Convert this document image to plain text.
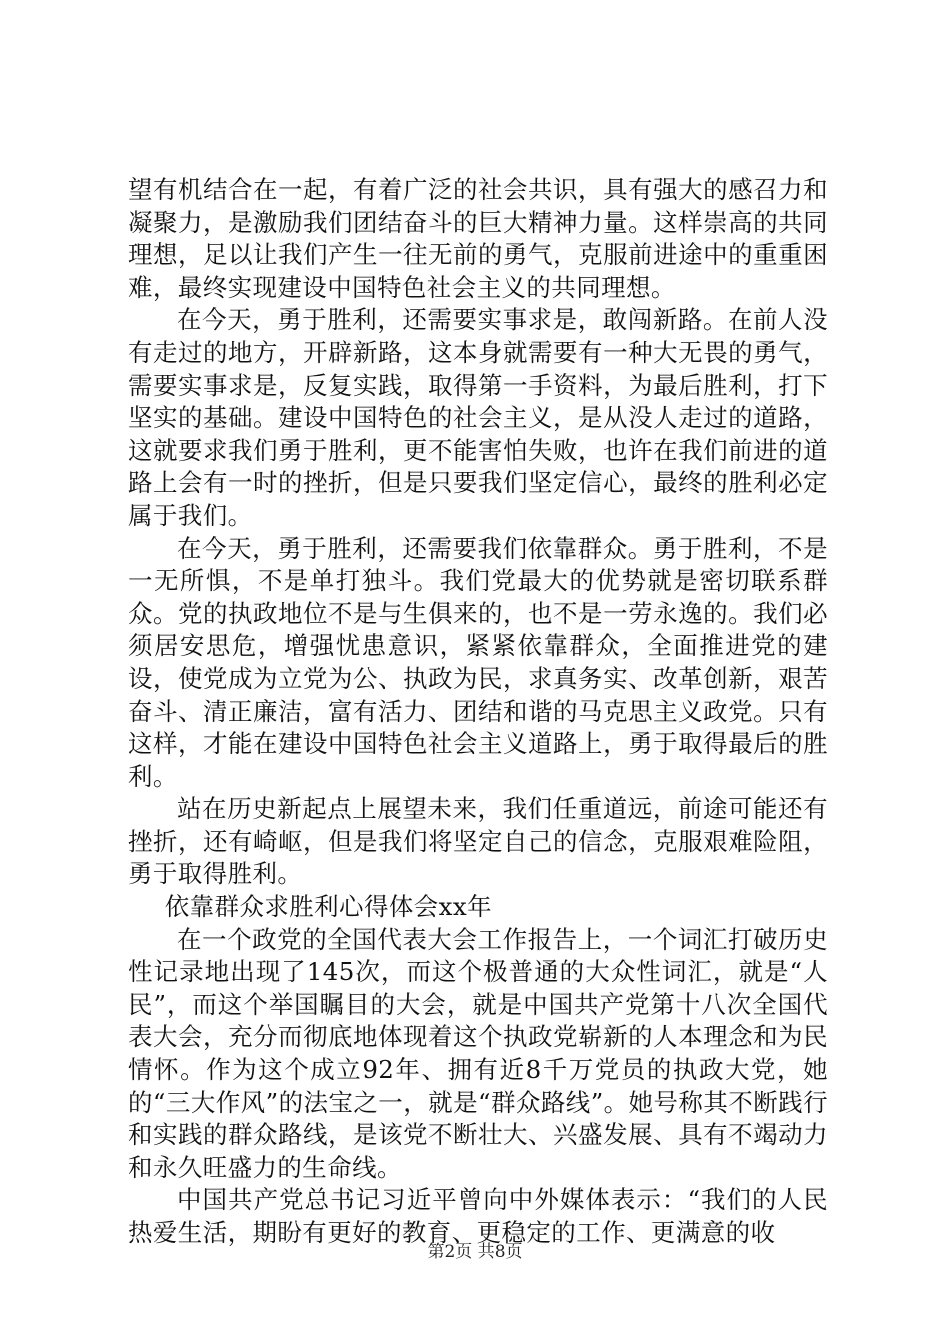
望有机结合在一起，有着广泛的社会共识，具有强大的感召力和凝聚力，是激励我们团结奋斗的巨大精神力量。这样崇高的共同理想，足以让我们产生一往无前的勇气，克服前进途中的重重困难，最终实现建设中国特色社会主义的共同理想。

在今天，勇于胜利，还需要实事求是，敢闯新路。在前人没有走过的地方，开辟新路，这本身就需要有一种大无畏的勇气，需要实事求是，反复实践，取得第一手资料，为最后胜利，打下坚实的基础。建设中国特色的社会主义，是从没人走过的道路，这就要求我们勇于胜利，更不能害怕失败，也许在我们前进的道路上会有一时的挫折，但是只要我们坚定信心，最终的胜利必定属于我们。

在今天，勇于胜利，还需要我们依靠群众。勇于胜利，不是一无所惧，不是单打独斗。我们党最大的优势就是密切联系群众。党的执政地位不是与生俱来的，也不是一劳永逸的。我们必须居安思危，增强忧患意识，紧紧依靠群众，全面推进党的建设，使党成为立党为公、执政为民，求真务实、改革创新，艰苦奋斗、清正廉洁，富有活力、团结和谐的马克思主义政党。只有这样，才能在建设中国特色社会主义道路上，勇于取得最后的胜利。

站在历史新起点上展望未来，我们任重道远，前途可能还有挫折，还有崎岖，但是我们将坚定自己的信念，克服艰难险阻，勇于取得胜利。

依靠群众求胜利心得体会xx年

在一个政党的全国代表大会工作报告上，一个词汇打破历史性记录地出现了145次，而这个极普通的大众性词汇，就是“人民”，而这个举国瞩目的大会，就是中国共产党第十八次全国代表大会，充分而彻底地体现着这个执政党崭新的人本理念和为民情怀。作为这个成立92年、拥有近8千万党员的执政大党，她的“三大作风”的法宝之一，就是“群众路线”。她号称其不断践行和实践的群众路线，是该党不断壮大、兴盛发展、具有不竭动力和永久旺盛力的生命线。

中国共产党总书记习近平曾向中外媒体表示：“我们的人民热爱生活，期盼有更好的教育、更稳定的工作、更满意的收

第2页 共8页
